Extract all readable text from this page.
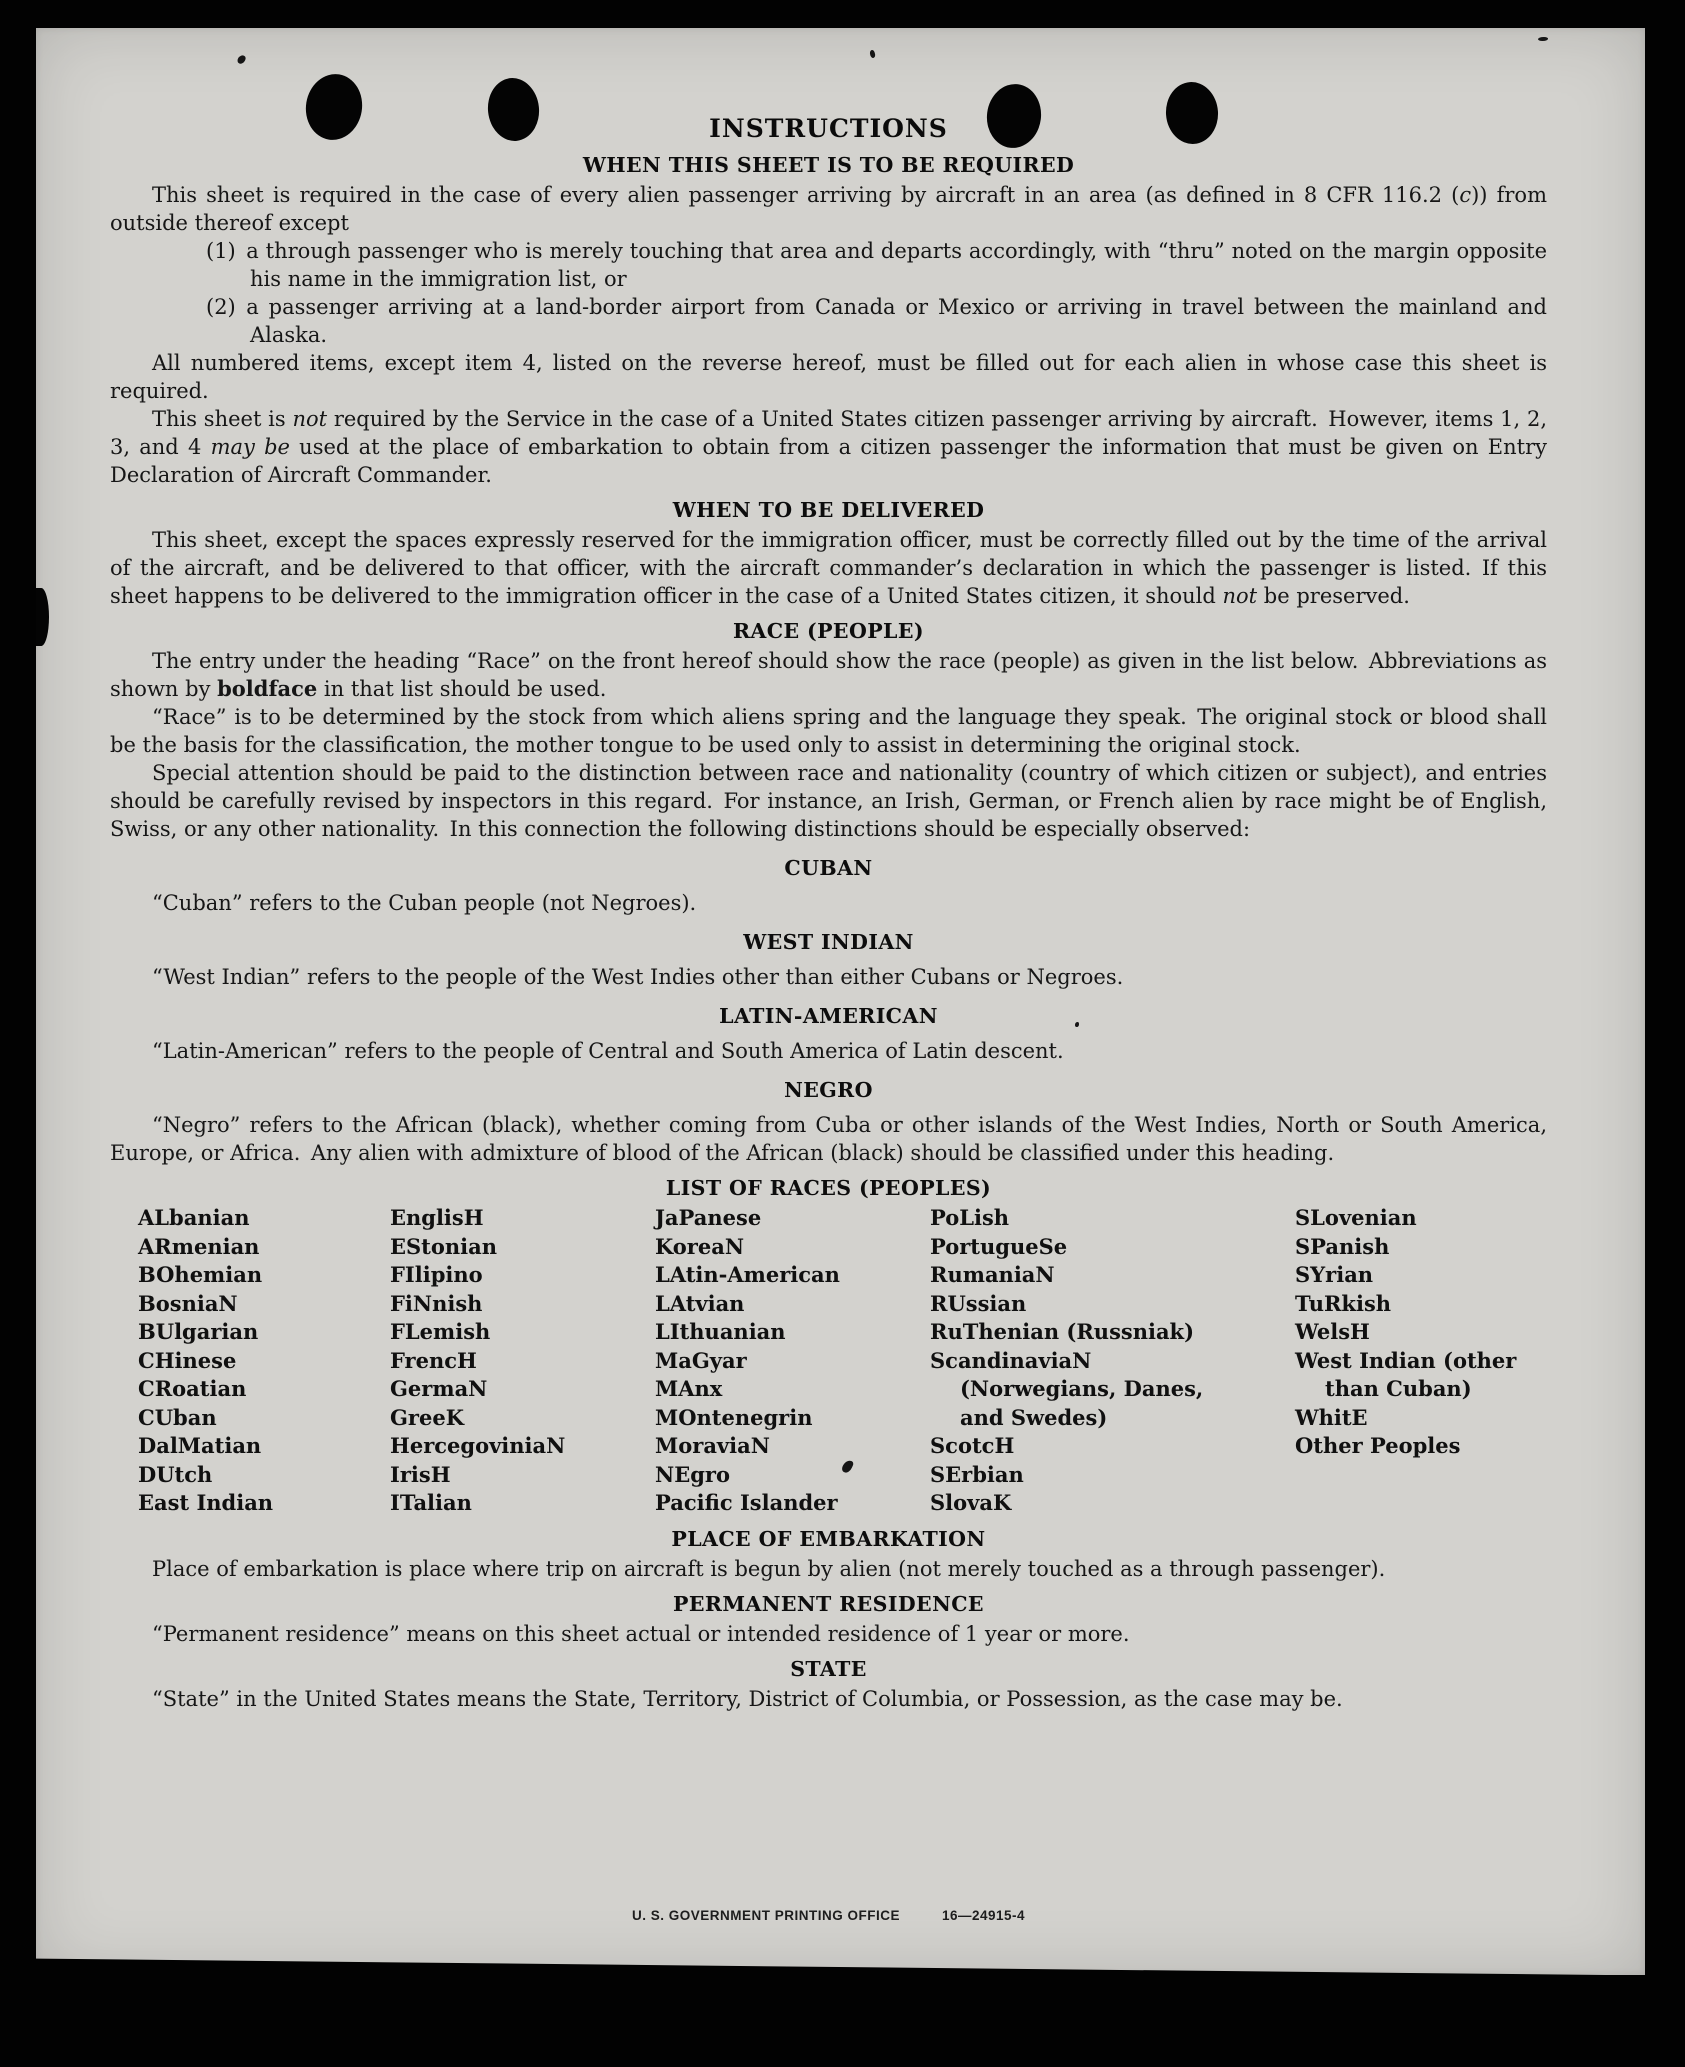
INSTRUCTIONS
WHEN THIS SHEET IS TO BE REQUIRED

This sheet is required in the case of every alien passenger arriving by aircraft in an area (as defined in 8 CFR 116.2 (c)) from outside thereof except

(1) a through passenger who is merely touching that area and departs accordingly, with “thru” noted on the margin opposite his name in the immigration list, or
(2) a passenger arriving at a land-border airport from Canada or Mexico or arriving in travel between the mainland and Alaska.

All numbered items, except item 4, listed on the reverse hereof, must be filled out for each alien in whose case this sheet is required.

This sheet is not required by the Service in the case of a United States citizen passenger arriving by aircraft. However, items 1, 2, 3, and 4 may be used at the place of embarkation to obtain from a citizen passenger the information that must be given on Entry Declaration of Aircraft Commander.

WHEN TO BE DELIVERED

This sheet, except the spaces expressly reserved for the immigration officer, must be correctly filled out by the time of the arrival of the aircraft, and be delivered to that officer, with the aircraft commander’s declaration in which the passenger is listed. If this sheet happens to be delivered to the immigration officer in the case of a United States citizen, it should not be preserved.

RACE (PEOPLE)

The entry under the heading “Race” on the front hereof should show the race (people) as given in the list below. Abbreviations as shown by boldface in that list should be used.

“Race” is to be determined by the stock from which aliens spring and the language they speak. The original stock or blood shall be the basis for the classification, the mother tongue to be used only to assist in determining the original stock.

Special attention should be paid to the distinction between race and nationality (country of which citizen or subject), and entries should be carefully revised by inspectors in this regard. For instance, an Irish, German, or French alien by race might be of English, Swiss, or any other nationality. In this connection the following distinctions should be especially observed:

CUBAN

“Cuban” refers to the Cuban people (not Negroes).

WEST INDIAN

“West Indian” refers to the people of the West Indies other than either Cubans or Negroes.

LATIN-AMERICAN

“Latin-American” refers to the people of Central and South America of Latin descent.

NEGRO

“Negro” refers to the African (black), whether coming from Cuba or other islands of the West Indies, North or South America, Europe, or Africa. Any alien with admixture of blood of the African (black) should be classified under this heading.

LIST OF RACES (PEOPLES)
ALbanian
ARmenian
BOhemian
BosniaN
BUlgarian
CHinese
CRoatian
CUban
DalMatian
DUtch
East Indian
EnglisH
EStonian
FIlipino
FiNnish
FLemish
FrencH
GermaN
GreeK
HercegoviniaN
IrisH
ITalian
JaPanese
KoreaN
LAtin-American
LAtvian
LIthuanian
MaGyar
MAnx
MOntenegrin
MoraviaN
NEgro
Pacific Islander
PoLish
PortugueSe
RumaniaN
RUssian
RuThenian (Russniak)
ScandinaviaN (Norwegians, Danes, and Swedes)
ScotcH
SErbian
SlovaK
SLovenian
SPanish
SYrian
TuRkish
WelsH
West Indian (other than Cuban)
WhitE
Other Peoples
PLACE OF EMBARKATION

Place of embarkation is place where trip on aircraft is begun by alien (not merely touched as a through passenger).

PERMANENT RESIDENCE

“Permanent residence” means on this sheet actual or intended residence of 1 year or more.

STATE

“State” in the United States means the State, Territory, District of Columbia, or Possession, as the case may be.

U. S. GOVERNMENT PRINTING OFFICE	16—24915-4
